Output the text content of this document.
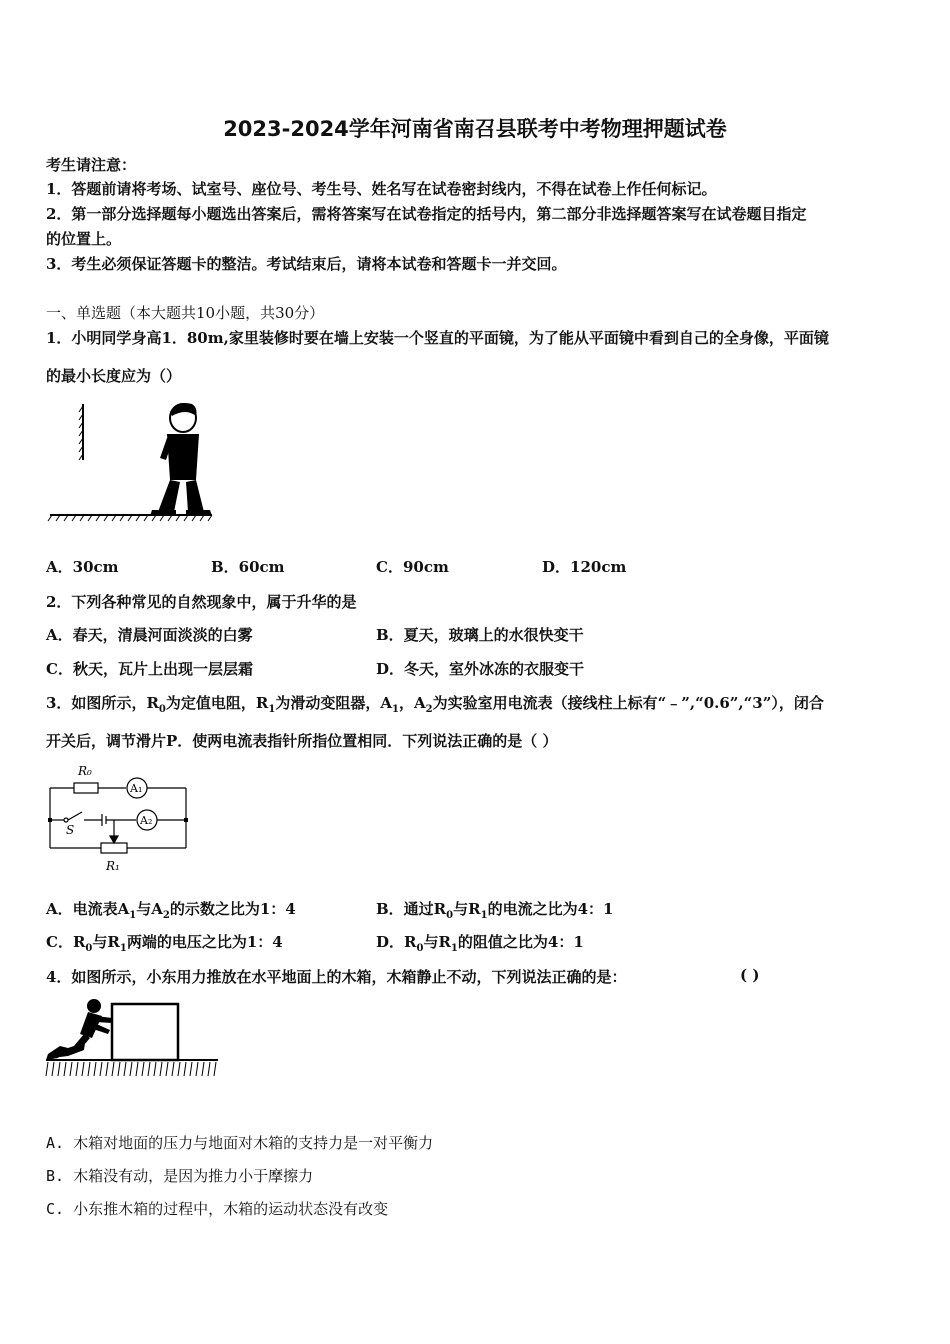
2023-2024学年河南省南召县联考中考物理押题试卷
考生请注意：
1．答题前请将考场、试室号、座位号、考生号、姓名写在试卷密封线内，不得在试卷上作任何标记。
2．第一部分选择题每小题选出答案后，需将答案写在试卷指定的括号内，第二部分非选择题答案写在试卷题目指定
的位置上。
3．考生必须保证答题卡的整洁。考试结束后，请将本试卷和答题卡一并交回。
一、单选题（本大题共10小题，共30分）
1．小明同学身高1．80m,家里装修时要在墙上安装一个竖直的平面镜，为了能从平面镜中看到自己的全身像，平面镜
的最小长度应为（）
A．30cm	B．60cm	C．90cm	D．120cm
2．下列各种常见的自然现象中，属于升华的是
A．春天，清晨河面淡淡的白雾	B．夏天，玻璃上的水很快变干
C．秋天，瓦片上出现一层层霜	D．冬天，室外冰冻的衣服变干
3．如图所示，$R_0$为定值电阻，$R_1$为滑动变阻器，$A_1$，$A_2$为实验室用电流表（接线柱上标有“﹣”,“0.6”,“3”），闭合
开关后，调节滑片P．使两电流表指针所指位置相同．下列说法正确的是（ ）
R₀
A₁
A₂
S
R₁
A．电流表$A_1$与$A_2$的示数之比为1：4	B．通过$R_0$与$R_1$的电流之比为4：1
C．$R_0$与$R_1$两端的电压之比为1：4	D．$R_0$与$R_1$的阻值之比为4：1
4．如图所示，小东用力推放在水平地面上的木箱，木箱静止不动，下列说法正确的是：	( )
A. 木箱对地面的压力与地面对木箱的支持力是一对平衡力
B. 木箱没有动，是因为推力小于摩擦力
C. 小东推木箱的过程中，木箱的运动状态没有改变
